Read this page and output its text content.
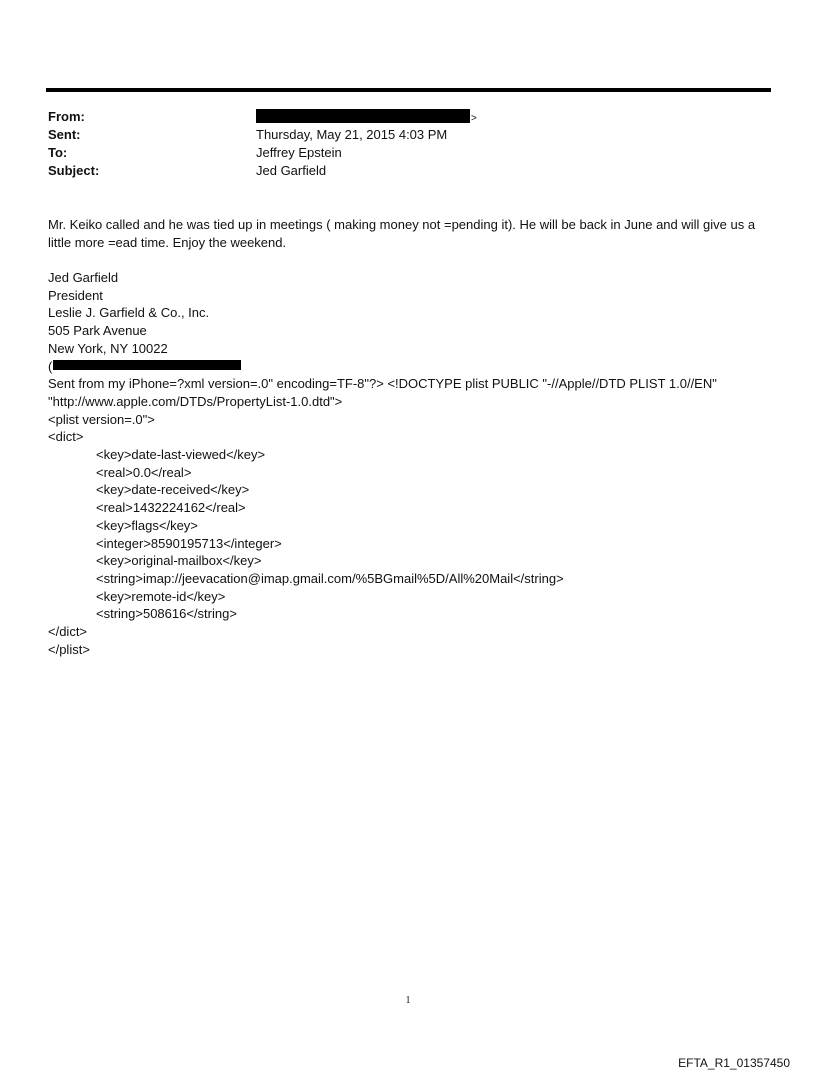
From:	>
Sent:	Thursday, May 21, 2015 4:03 PM
To:	Jeffrey Epstein
Subject:	Jed Garfield

Mr. Keiko called and he was tied up in meetings ( making money not =pending it). He will be back in June and will give us a little more =ead time. Enjoy the weekend.

Jed Garfield
President
Leslie J. Garfield & Co., Inc.
505 Park Avenue
New York, NY 10022
(
Sent from my iPhone=?xml version=.0" encoding=TF-8"?> <!DOCTYPE plist PUBLIC "-//Apple//DTD PLIST 1.0//EN"
"http://www.apple.com/DTDs/PropertyList-1.0.dtd">
<plist version=.0">
<dict>
<key>date-last-viewed</key>
<real>0.0</real>
<key>date-received</key>
<real>1432224162</real>
<key>flags</key>
<integer>8590195713</integer>
<key>original-mailbox</key>
<string>imap://jeevacation@imap.gmail.com/%5BGmail%5D/All%20Mail</string>
<key>remote-id</key>
<string>508616</string>
</dict>
</plist>
1
EFTA_R1_01357450
